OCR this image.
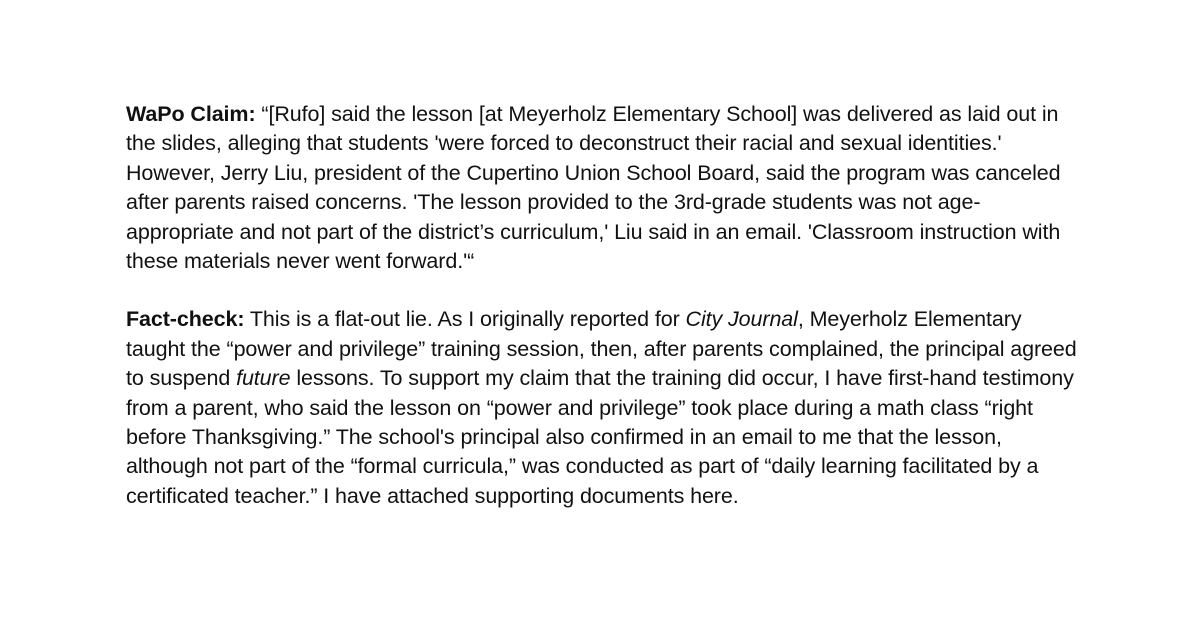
WaPo Claim: “[Rufo] said the lesson [at Meyerholz Elementary School] was delivered as laid out in the slides, alleging that students 'were forced to deconstruct their racial and sexual identities.' However, Jerry Liu, president of the Cupertino Union School Board, said the program was canceled after parents raised concerns. 'The lesson provided to the 3rd-grade students was not age-appropriate and not part of the district’s curriculum,' Liu said in an email. 'Classroom instruction with these materials never went forward.'“

Fact-check: This is a flat-out lie. As I originally reported for City Journal, Meyerholz Elementary taught the “power and privilege” training session, then, after parents complained, the principal agreed to suspend future lessons. To support my claim that the training did occur, I have first-hand testimony from a parent, who said the lesson on “power and privilege” took place during a math class “right before Thanksgiving.” The school's principal also confirmed in an email to me that the lesson, although not part of the “formal curricula,” was conducted as part of “daily learning facilitated by a certificated teacher.” I have attached supporting documents here.
